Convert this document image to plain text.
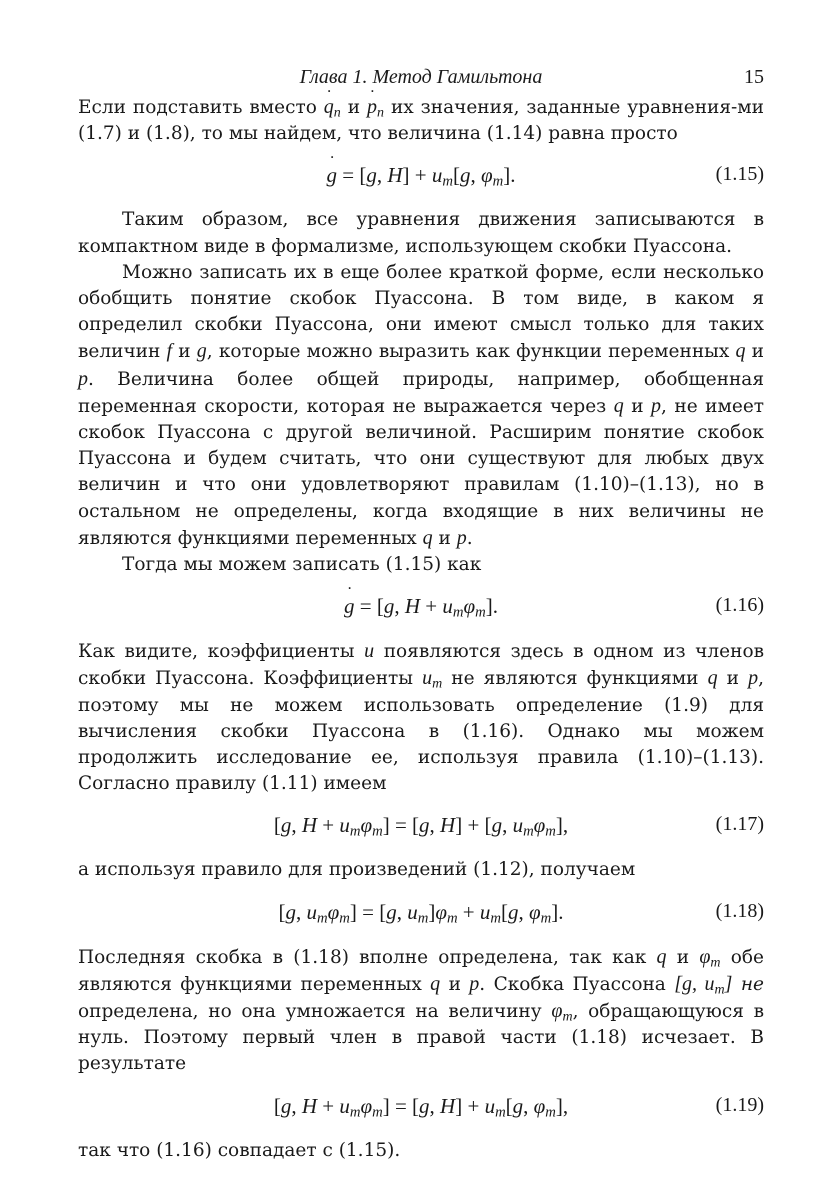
Глава 1. Метод Гамильтона	15

Если подставить вместо q $˙_n$ и p $˙_n$ их значения, заданные уравнения-ми (1.7) и (1.8), то мы найдем, что величина (1.14) равна просто

g ˙ = [g, $H] + u_m[g$, $\varphi_m$].	(1.15)

Таким образом, все уравнения движения записываются в компактном виде в формализме, использующем скобки Пуассона.

Можно записать их в еще более краткой форме, если несколько обобщить понятие скобок Пуассона. В том виде, в каком я определил скобки Пуассона, они имеют смысл только для таких величин f и g, которые можно выразить как функции переменных q и p. Величина более общей природы, например, обобщенная переменная скорости, которая не выражается через q и p, не имеет скобок Пуассона с другой величиной. Расширим понятие скобок Пуассона и будем считать, что они существуют для любых двух величин и что они удовлетворяют правилам (1.10)–(1.13), но в остальном не определены, когда входящие в них величины не являются функциями переменных q и p.

Тогда мы можем записать (1.15) как

g ˙ = [g, $H + u_m\varphi_m$].	(1.16)

Как видите, коэффициенты u появляются здесь в одном из членов скобки Пуассона. Коэффициенты $u_m$ не являются функциями q и p, поэтому мы не можем использовать определение (1.9) для вычисления скобки Пуассона в (1.16). Однако мы можем продолжить исследование ее, используя правила (1.10)–(1.13). Согласно правилу (1.11) имеем

[g, $H + u_m\varphi_m] = [g$, H] + [g, $u_m\varphi_m$],	(1.17)

а используя правило для произведений (1.12), получаем

[g, $u_m\varphi_m] = [g$, $u_m]\varphi_m + u_m[g$, $\varphi_m$].	(1.18)

Последняя скобка в (1.18) вполне определена, так как q и $\varphi_m$ обе являются функциями переменных q и p. Скобка Пуассона [g, $u_m$] не определена, но она умножается на величину $\varphi_m$, обращающуюся в нуль. Поэтому первый член в правой части (1.18) исчезает. В результате

[g, $H + u_m\varphi_m] = [g$, $H] + u_m[g$, $\varphi_m$],	(1.19)

так что (1.16) совпадает с (1.15).
